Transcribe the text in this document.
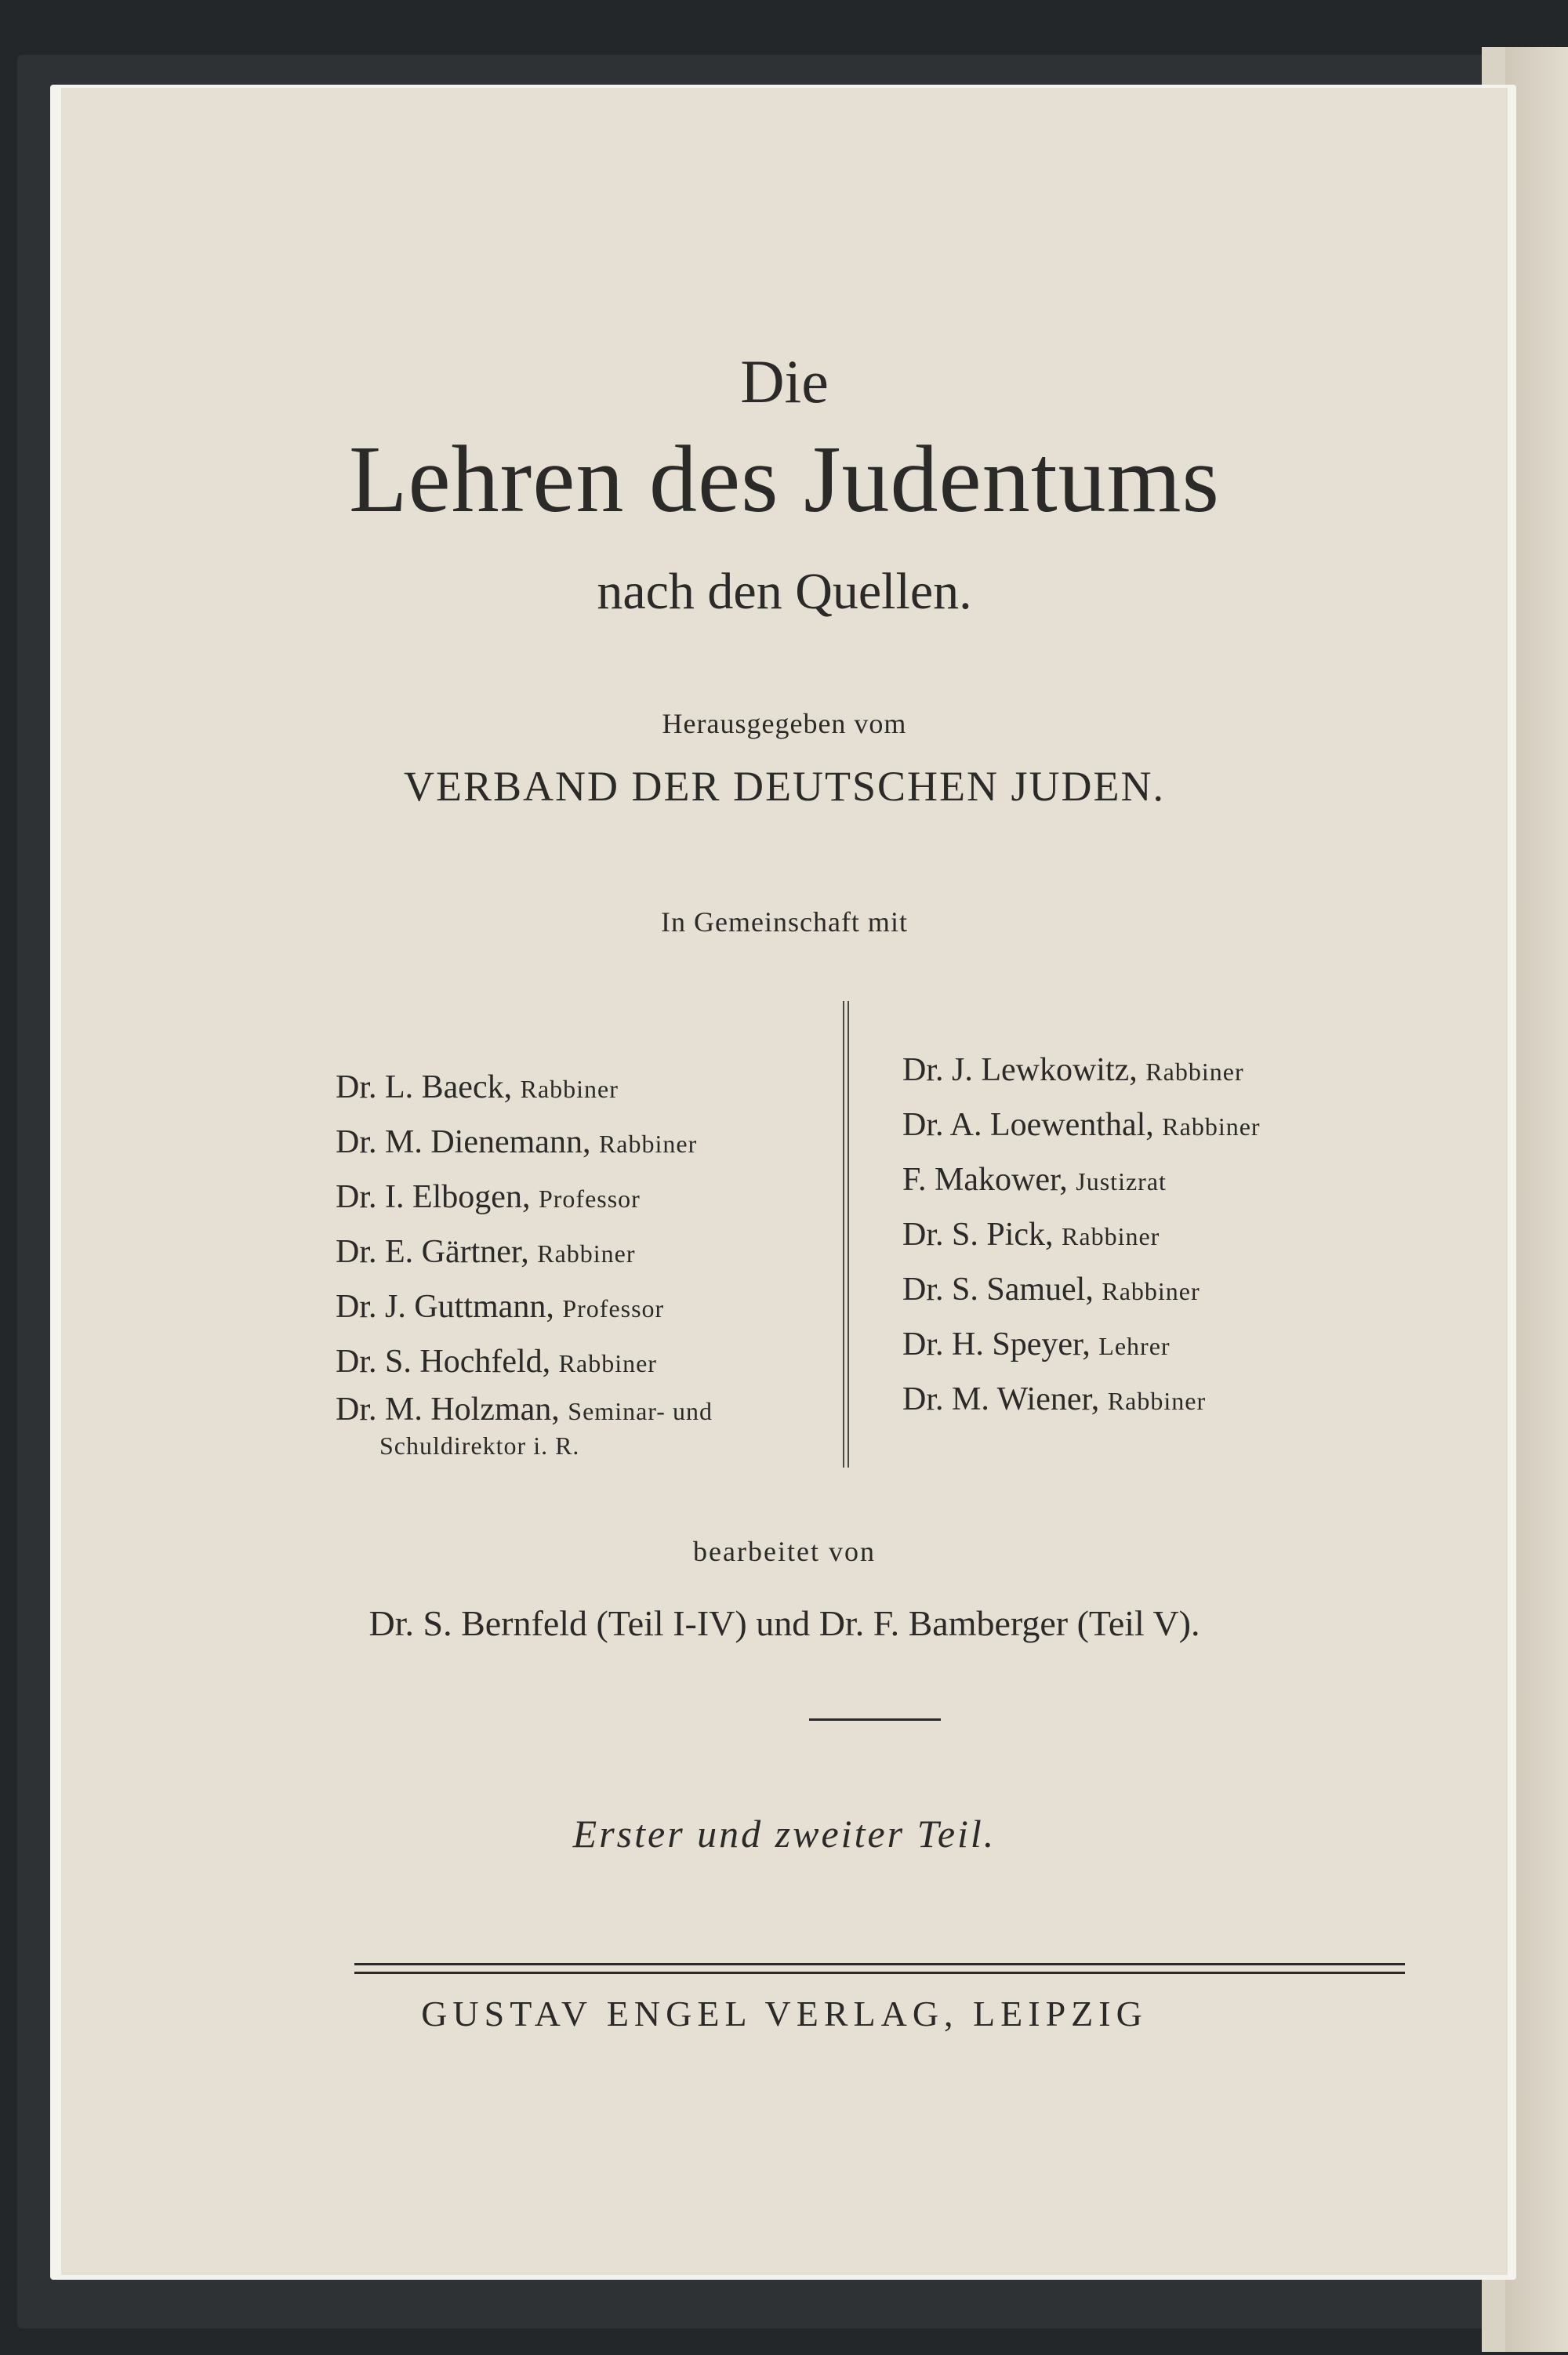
Die
Lehren des Judentums
nach den Quellen.
Herausgegeben vom
VERBAND DER DEUTSCHEN JUDEN.
In Gemeinschaft mit
Dr. L. Baeck, Rabbiner
Dr. M. Dienemann, Rabbiner
Dr. I. Elbogen, Professor
Dr. E. Gärtner, Rabbiner
Dr. J. Guttmann, Professor
Dr. S. Hochfeld, Rabbiner
Dr. M. Holzman, Seminar- und
Schuldirektor i. R.
Dr. J. Lewkowitz, Rabbiner
Dr. A. Loewenthal, Rabbiner
F. Makower, Justizrat
Dr. S. Pick, Rabbiner
Dr. S. Samuel, Rabbiner
Dr. H. Speyer, Lehrer
Dr. M. Wiener, Rabbiner
bearbeitet von
Dr. S. Bernfeld (Teil I-IV) und Dr. F. Bamberger (Teil V).
Erster und zweiter Teil.
GUSTAV ENGEL VERLAG, LEIPZIG
